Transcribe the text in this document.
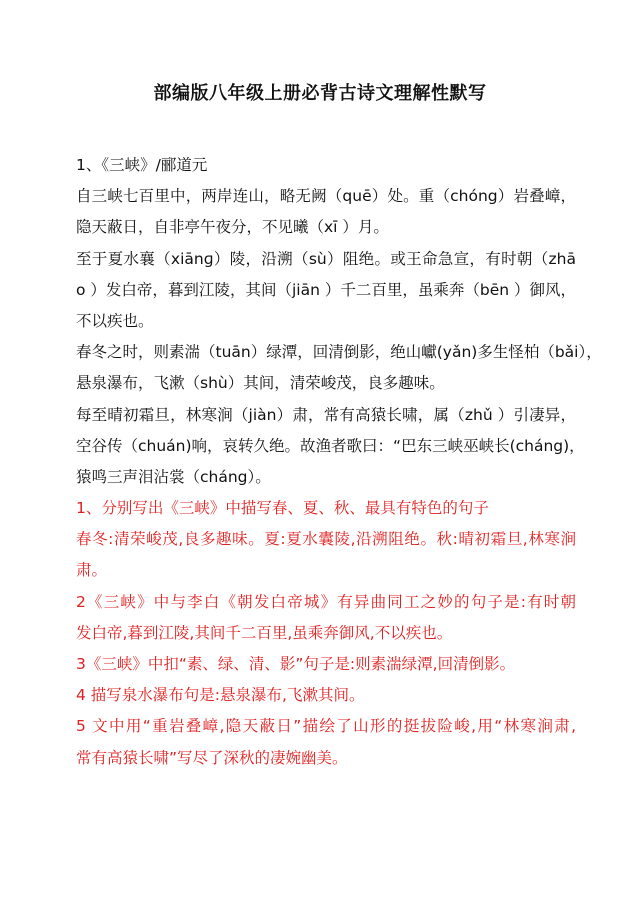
部编版八年级上册必背古诗文理解性默写
1、《三峡》/郦道元
自三峡七百里中，两岸连山，略无阙（quē）处。重（chóng）岩叠嶂，
隐天蔽日，自非亭午夜分，不见曦（xī ）月。
至于夏水襄（xiānɡ）陵，沿溯（sù）阻绝。或王命急宣，有时朝（zhā
o ）发白帝，暮到江陵，其间（jiān ）千二百里，虽乘奔（bēn ）御风，
不以疾也。
春冬之时，则素湍（tuān）绿潭，回清倒影，绝山巘(yǎn)多生怪柏（bǎi），
悬泉瀑布，飞漱（shù）其间，清荣峻茂，良多趣味。
每至晴初霜旦，林寒涧（jiàn）肃，常有高猿长啸，属（zhǔ ）引凄异，
空谷传（chuán)响，哀转久绝。故渔者歌曰：“巴东三峡巫峡长(cháng)，
猿鸣三声泪沾裳（cháng）。
1、分别写出《三峡》中描写春、夏、秋、最具有特色的句子
春冬:清荣峻茂,良多趣味。夏:夏水囊陵,沿溯阻绝。秋:晴初霜旦,林寒涧
肃。
2《三峡》中与李白《朝发白帝城》有异曲同工之妙的句子是:有时朝
发白帝,暮到江陵,其间千二百里,虽乘奔御风,不以疾也。
3《三峡》中扣“素、绿、清、影”句子是:则素湍绿潭,回清倒影。
4 描写泉水瀑布句是:悬泉瀑布,飞漱其间。
5 文中用“重岩叠嶂,隐天蔽日”描绘了山形的挺拔险峻,用“林寒涧肃,
常有高猿长啸”写尽了深秋的凄婉幽美。
